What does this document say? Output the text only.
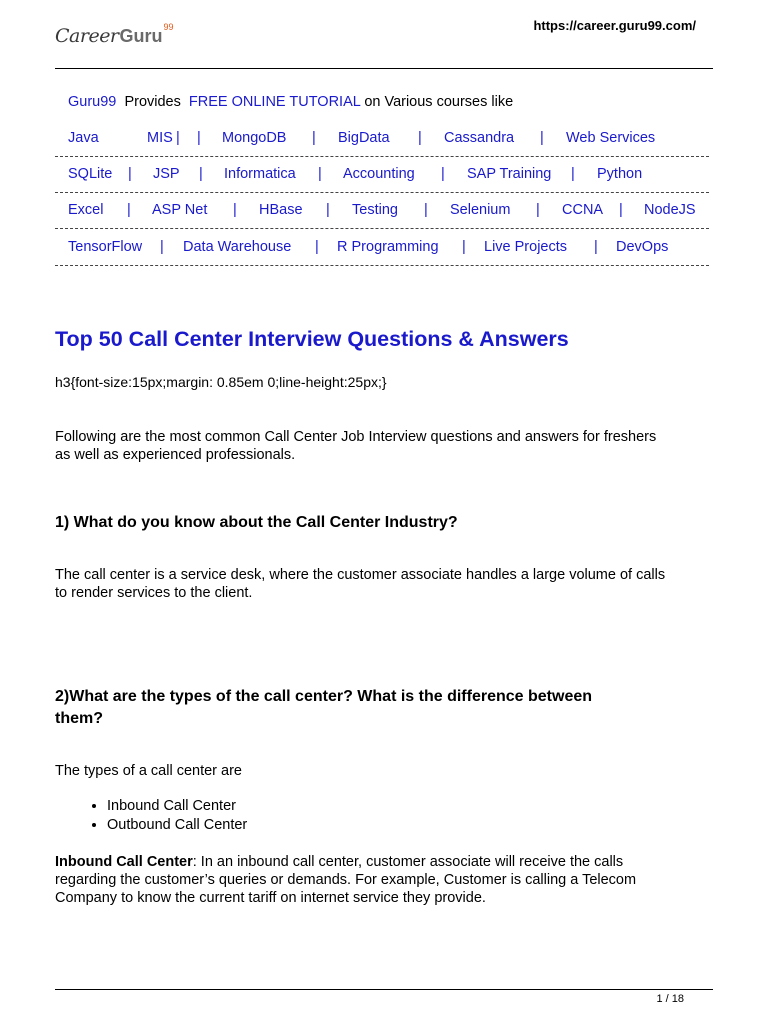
Career Guru 99	https://career.guru99.com/
Guru99 Provides FREE ONLINE TUTORIAL on Various courses like
Java	|
MIS | MongoDB | BigData | Cassandra | Web Services
SQLite | JSP | Informatica | Accounting | SAP Training | Python
Excel | ASP Net | HBase | Testing | Selenium | CCNA | NodeJS
TensorFlow | Data Warehouse | R Programming | Live Projects | DevOps
Top 50 Call Center Interview Questions & Answers
h3{font-size:15px;margin: 0.85em 0;line-height:25px;}

Following are the most common Call Center Job Interview questions and answers for freshers
as well as experienced professionals.

1) What do you know about the Call Center Industry?

The call center is a service desk, where the customer associate handles a large volume of calls
to render services to the client.

2)What are the types of the call center? What is the difference between
them?

The types of a call center are

• Inbound Call Center
• Outbound Call Center

Inbound Call Center: In an inbound call center, customer associate will receive the calls
regarding the customer’s queries or demands. For example, Customer is calling a Telecom
Company to know the current tariff on internet service they provide.

1 / 18
